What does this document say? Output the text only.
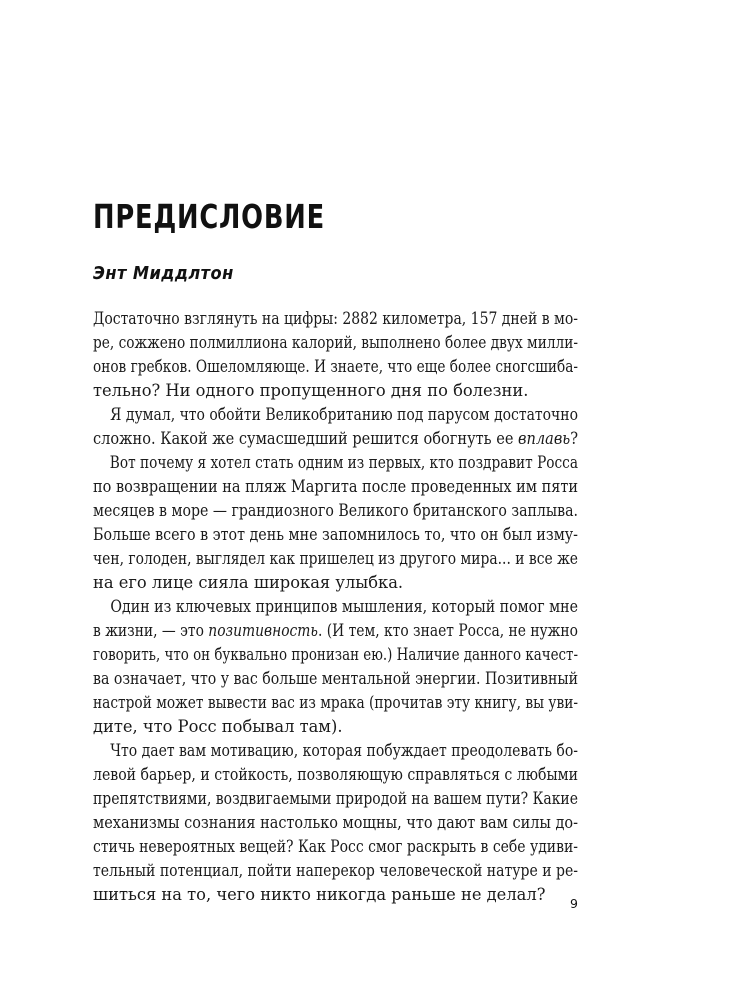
ПРЕДИСЛОВИЕ
Энт Миддлтон
Достаточно взглянуть на цифры: 2882 километра, 157 дней в мо-
ре, сожжено полмиллиона калорий, выполнено более двух милли-
онов гребков. Ошеломляюще. И знаете, что еще более сногсшиба-
тельно? Ни одного пропущенного дня по болезни.
Я думал, что обойти Великобританию под парусом достаточно
сложно. Какой же сумасшедший решится обогнуть ее вплавь?
Вот почему я хотел стать одним из первых, кто поздравит Росса
по возвращении на пляж Маргита после проведенных им пяти
месяцев в море — грандиозного Великого британского заплыва.
Больше всего в этот день мне запомнилось то, что он был изму-
чен, голоден, выглядел как пришелец из другого мира... и все же
на его лице сияла широкая улыбка.
Один из ключевых принципов мышления, который помог мне
в жизни, — это позитивность. (И тем, кто знает Росса, не нужно
говорить, что он буквально пронизан ею.) Наличие данного качест-
ва означает, что у вас больше ментальной энергии. Позитивный
настрой может вывести вас из мрака (прочитав эту книгу, вы уви-
дите, что Росс побывал там).
Что дает вам мотивацию, которая побуждает преодолевать бо-
левой барьер, и стойкость, позволяющую справляться с любыми
препятствиями, воздвигаемыми природой на вашем пути? Какие
механизмы сознания настолько мощны, что дают вам силы до-
стичь невероятных вещей? Как Росс смог раскрыть в себе удиви-
тельный потенциал, пойти наперекор человеческой натуре и ре-
шиться на то, чего никто никогда раньше не делал?	9
